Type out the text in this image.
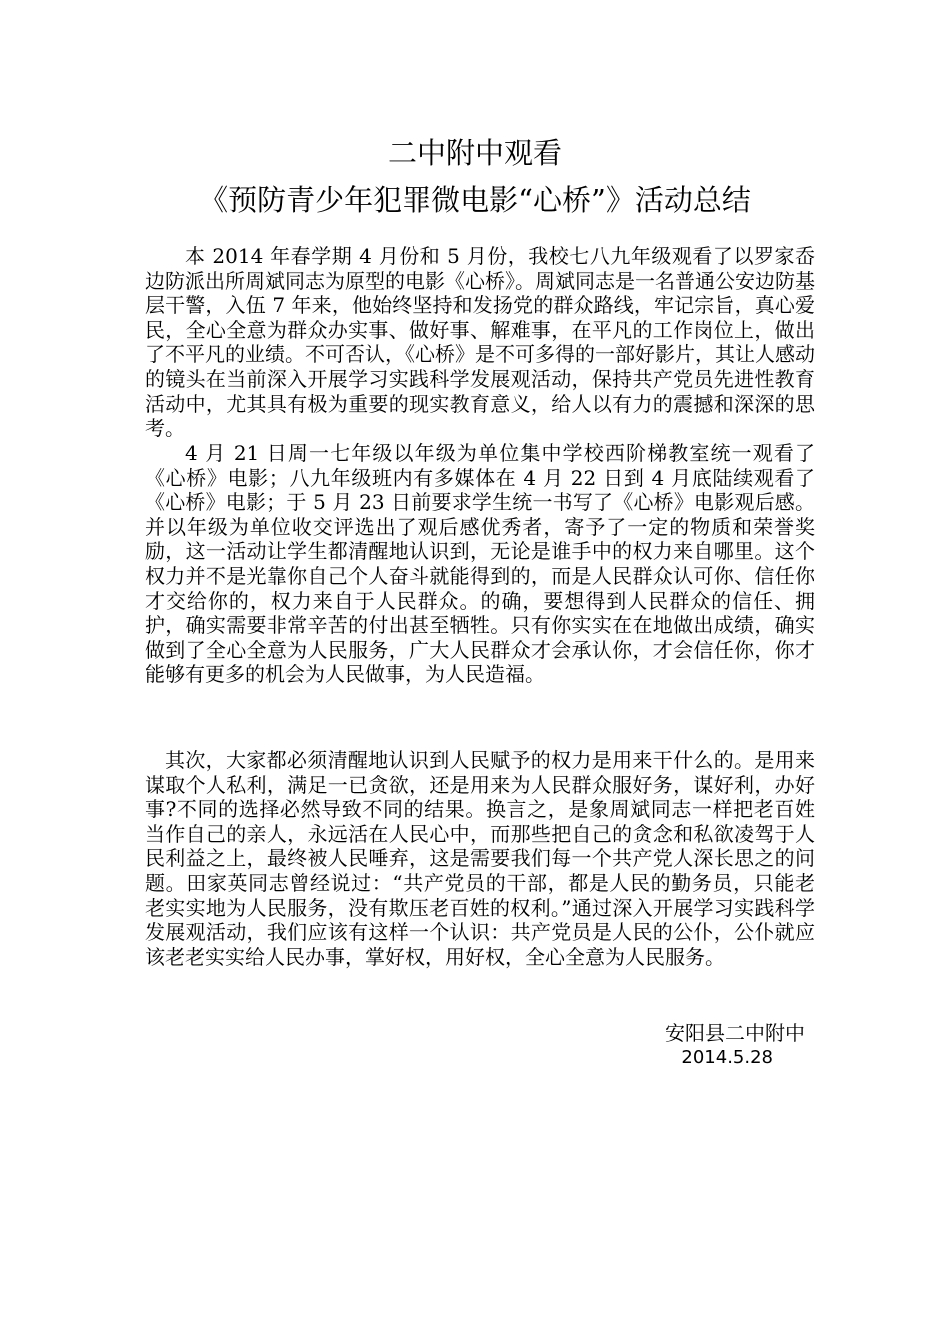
二中附中观看
《预防青少年犯罪微电影“心桥”》活动总结
本 2014 年春学期 4 月份和 5 月份，我校七八九年级观看了以罗家岙边防派出所周斌同志为原型的电影《心桥》。周斌同志是一名普通公安边防基层干警，入伍 7 年来，他始终坚持和发扬党的群众路线，牢记宗旨，真心爱民，全心全意为群众办实事、做好事、解难事，在平凡的工作岗位上，做出了不平凡的业绩。不可否认，《心桥》是不可多得的一部好影片，其让人感动的镜头在当前深入开展学习实践科学发展观活动，保持共产党员先进性教育活动中，尤其具有极为重要的现实教育意义，给人以有力的震撼和深深的思考。
4 月 21 日周一七年级以年级为单位集中学校西阶梯教室统一观看了《心桥》电影；八九年级班内有多媒体在 4 月 22 日到 4 月底陆续观看了《心桥》电影；于 5 月 23 日前要求学生统一书写了《心桥》电影观后感。并以年级为单位收交评选出了观后感优秀者，寄予了一定的物质和荣誉奖励，这一活动让学生都清醒地认识到，无论是谁手中的权力来自哪里。这个权力并不是光靠你自己个人奋斗就能得到的，而是人民群众认可你、信任你才交给你的，权力来自于人民群众。的确，要想得到人民群众的信任、拥护，确实需要非常辛苦的付出甚至牺牲。只有你实实在在地做出成绩，确实做到了全心全意为人民服务，广大人民群众才会承认你，才会信任你，你才能够有更多的机会为人民做事，为人民造福。
其次，大家都必须清醒地认识到人民赋予的权力是用来干什么的。是用来谋取个人私利，满足一已贪欲，还是用来为人民群众服好务，谋好利，办好事?不同的选择必然导致不同的结果。换言之，是象周斌同志一样把老百姓当作自己的亲人，永远活在人民心中，而那些把自己的贪念和私欲凌驾于人民利益之上，最终被人民唾弃，这是需要我们每一个共产党人深长思之的问题。田家英同志曾经说过：“共产党员的干部，都是人民的勤务员，只能老老实实地为人民服务，没有欺压老百姓的权利。”通过深入开展学习实践科学发展观活动，我们应该有这样一个认识：共产党员是人民的公仆，公仆就应该老老实实给人民办事，掌好权，用好权，全心全意为人民服务。
安阳县二中附中
2014.5.28
